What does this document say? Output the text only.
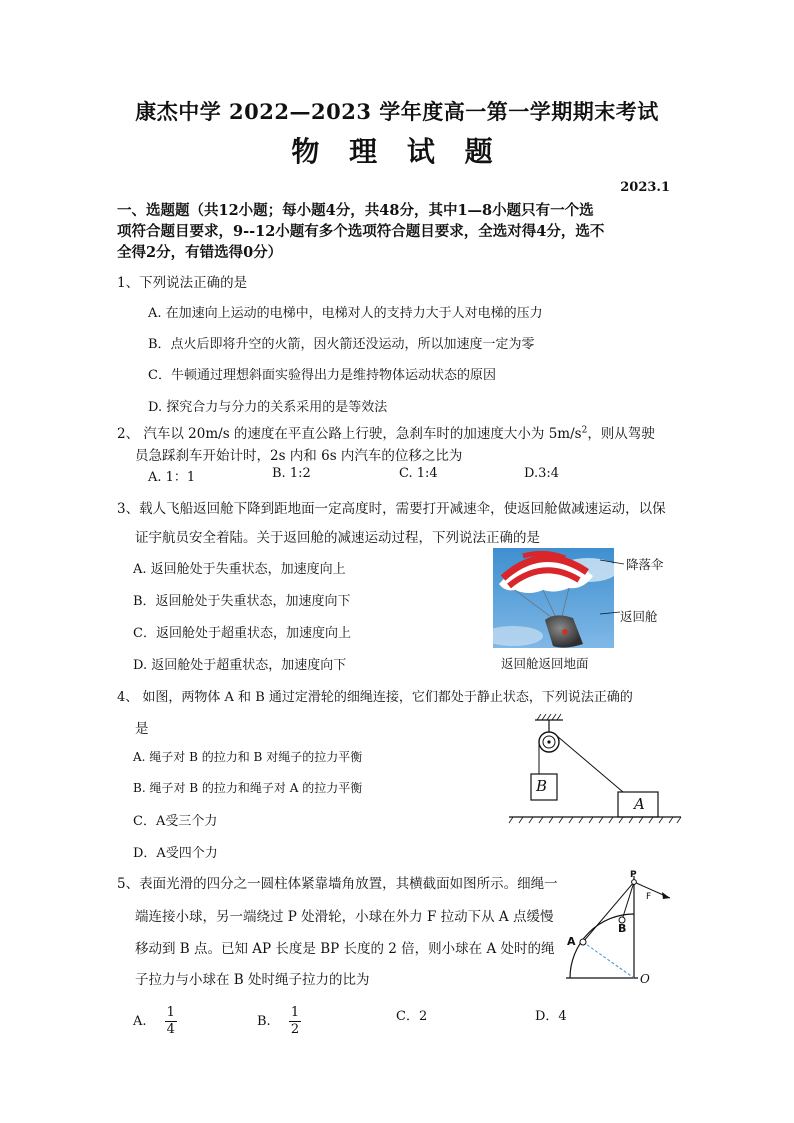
康杰中学 2022—2023 学年度高一第一学期期末考试
物 理 试 题
2023.1
一、选题题（共12小题；每小题4分，共48分，其中1—8小题只有一个选
项符合题目要求，9--12小题有多个选项符合题目要求，全选对得4分，选不
全得2分，有错选得0分）
1、下列说法正确的是
A. 在加速向上运动的电梯中，电梯对人的支持力大于人对电梯的压力
B．点火后即将升空的火箭，因火箭还没运动，所以加速度一定为零
C．牛顿通过理想斜面实验得出力是维持物体运动状态的原因
D. 探究合力与分力的关系采用的是等效法
2、 汽车以 20m/s 的速度在平直公路上行驶，急刹车时的加速度大小为 $5m/s^2$，则从驾驶
员急踩刹车开始计时，2s 内和 6s 内汽车的位移之比为
A. 1：1	B. 1:2	C. 1:4	D.3:4
3、载人飞船返回舱下降到距地面一定高度时，需要打开减速伞，使返回舱做减速运动，以保
证宇航员安全着陆。关于返回舱的减速运动过程，下列说法正确的是
A. 返回舱处于失重状态，加速度向上
B．返回舱处于失重状态，加速度向下
C．返回舱处于超重状态，加速度向上
D. 返回舱处于超重状态，加速度向下
降落伞
返回舱
返回舱返回地面
4、 如图，两物体 A 和 B 通过定滑轮的细绳连接，它们都处于静止状态，下列说法正确的
是
A. 绳子对 B 的拉力和 B 对绳子的拉力平衡
B. 绳子对 B 的拉力和绳子对 A 的拉力平衡
C．A受三个力
D．A受四个力
B
A
5、表面光滑的四分之一圆柱体紧靠墙角放置，其横截面如图所示。细绳一
端连接小球，另一端绕过 P 处滑轮，小球在外力 F 拉动下从 A 点缓慢
移动到 B 点。已知 AP 长度是 BP 长度的 2 倍，则小球在 A 处时的绳
子拉力与小球在 B 处时绳子拉力的比为
A. $\frac{1}{4}$	B. $\frac{1}{2}$	C．2	D．4
P
F
A
B
O
